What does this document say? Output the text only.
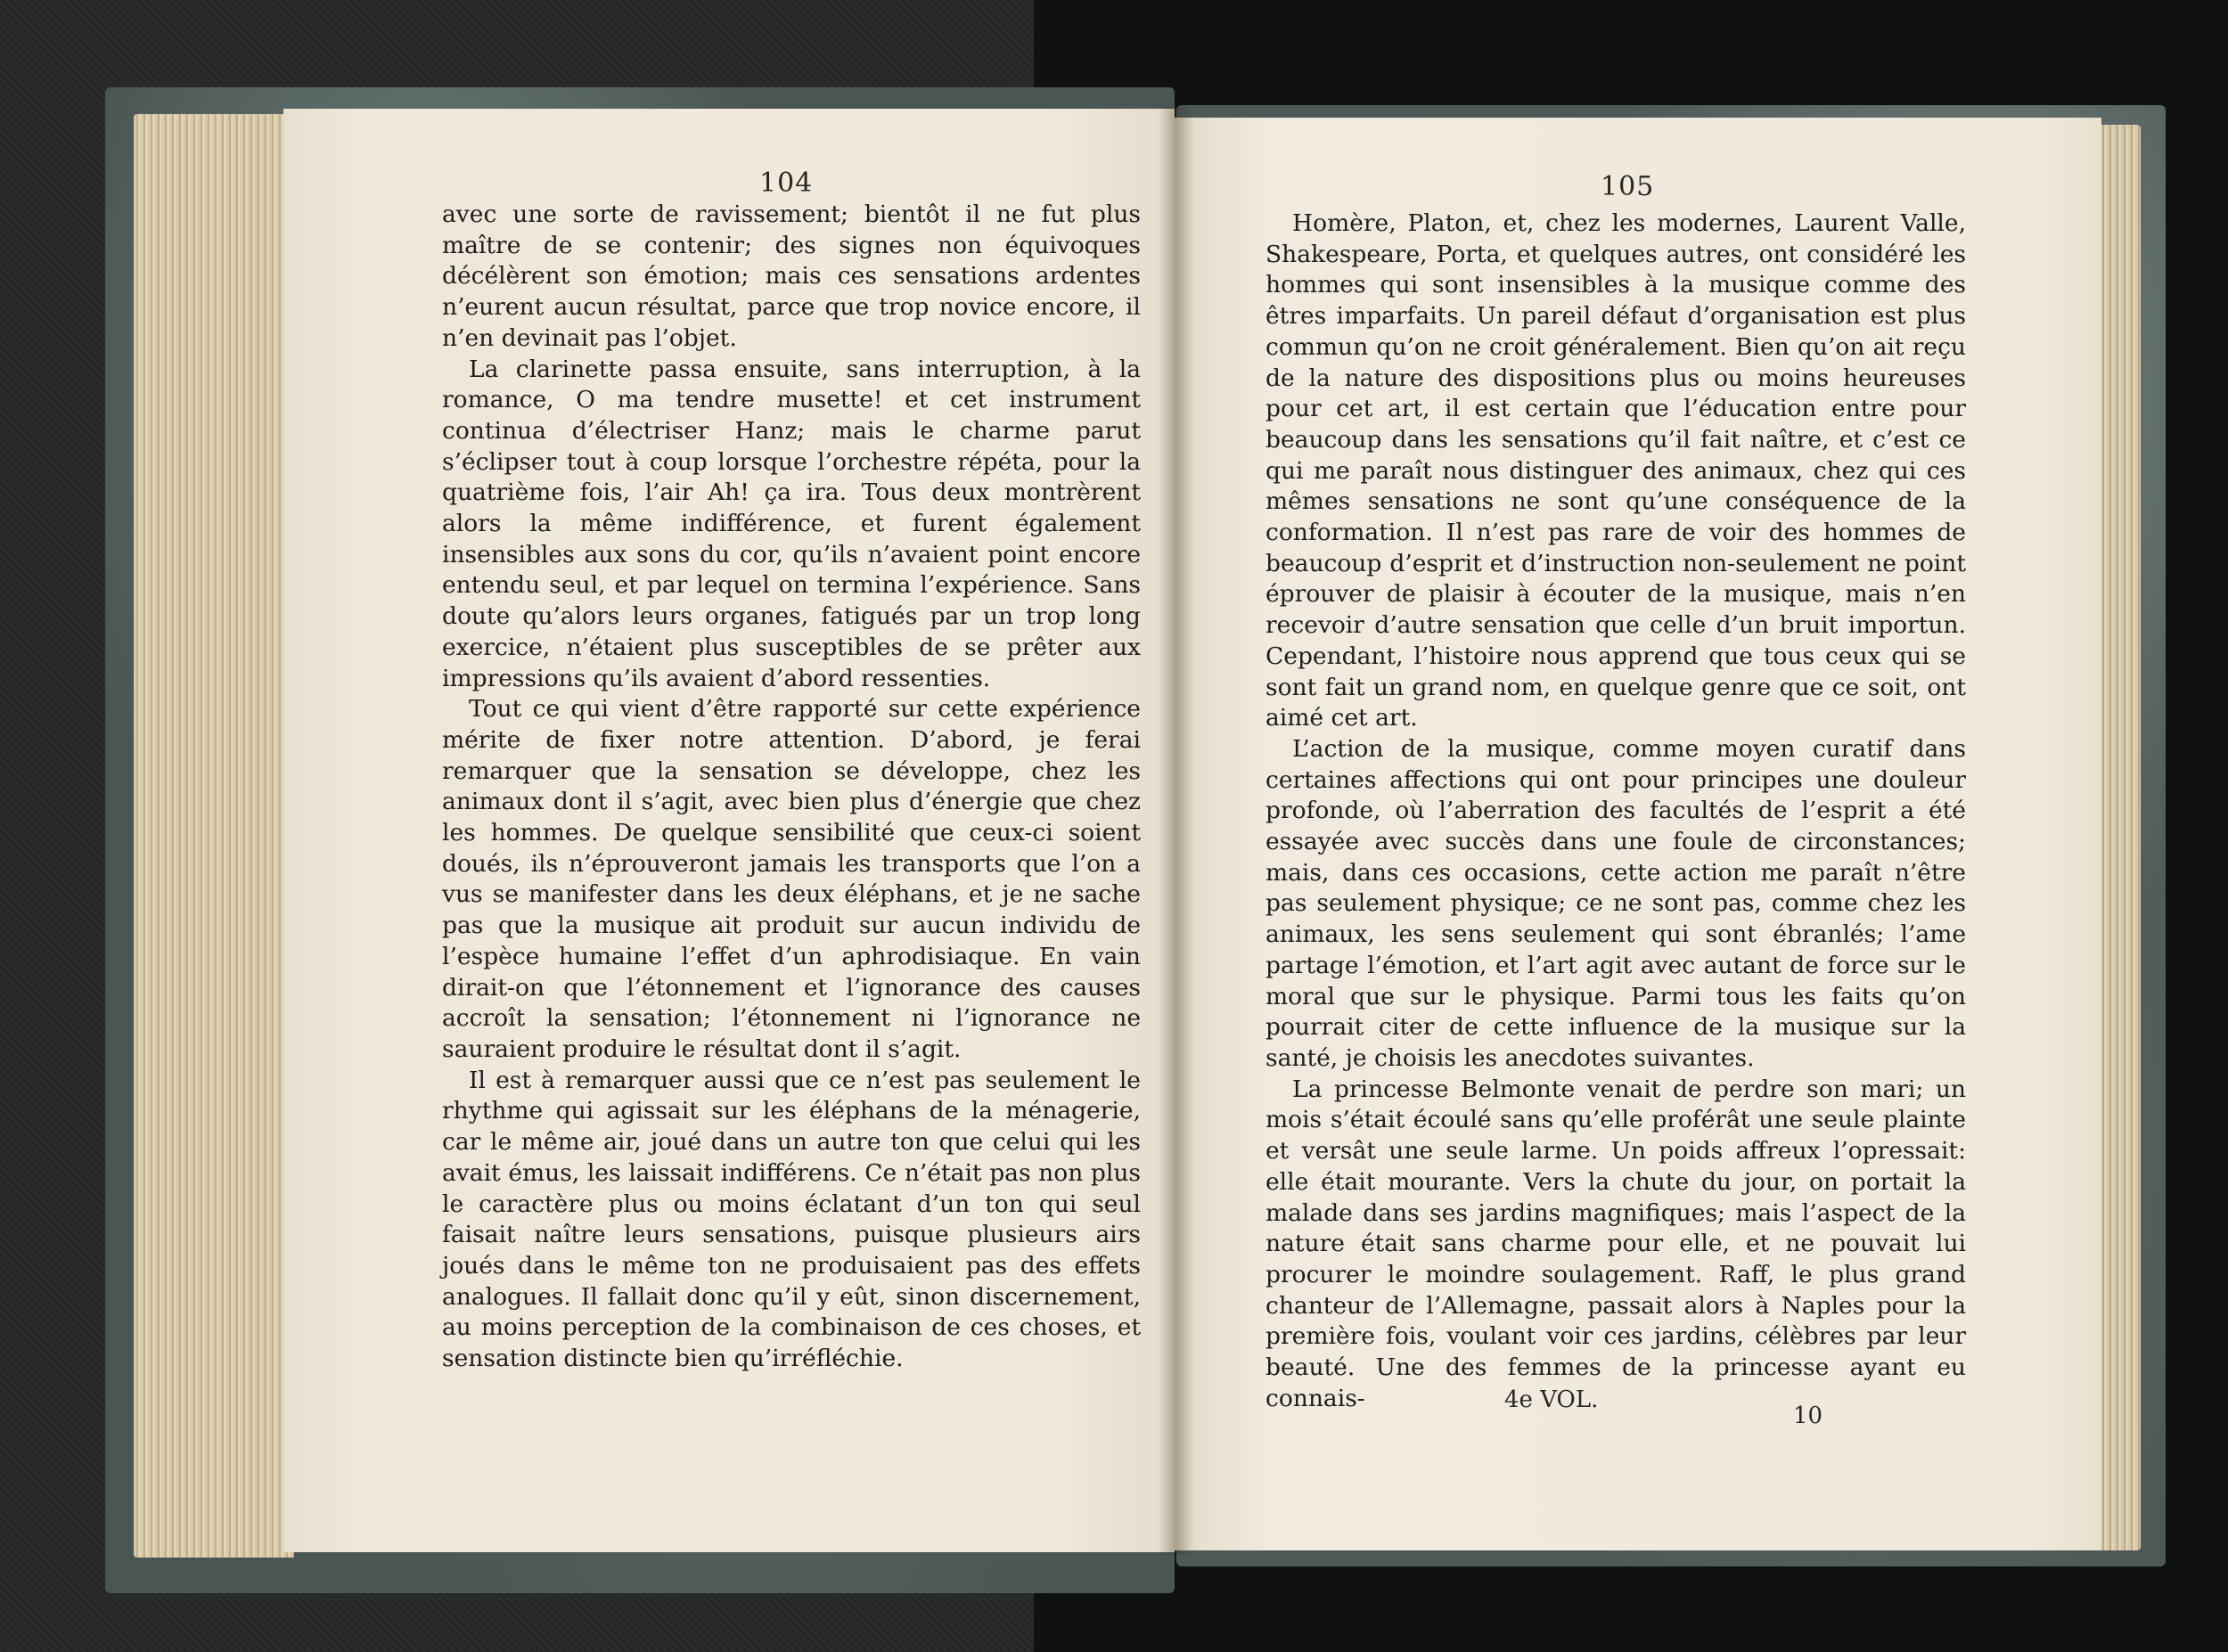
104

avec une sorte de ravissement; bientôt il ne fut plus maître de se contenir; des signes non équivoques décélèrent son émotion; mais ces sensations ardentes n’eurent aucun résultat, parce que trop novice encore, il n’en devinait pas l’objet.

La clarinette passa ensuite, sans interruption, à la romance, O ma tendre musette! et cet instrument continua d’électriser Hanz; mais le charme parut s’éclipser tout à coup lorsque l’orchestre répéta, pour la quatrième fois, l’air Ah! ça ira. Tous deux montrèrent alors la même indifférence, et furent également insensibles aux sons du cor, qu’ils n’avaient point encore entendu seul, et par lequel on termina l’expérience. Sans doute qu’alors leurs organes, fatigués par un trop long exercice, n’étaient plus susceptibles de se prêter aux impressions qu’ils avaient d’abord ressenties.

Tout ce qui vient d’être rapporté sur cette expérience mérite de fixer notre attention. D’abord, je ferai remarquer que la sensation se développe, chez les animaux dont il s’agit, avec bien plus d’énergie que chez les hommes. De quelque sensibilité que ceux-ci soient doués, ils n’éprouveront jamais les transports que l’on a vus se manifester dans les deux éléphans, et je ne sache pas que la musique ait produit sur aucun individu de l’espèce humaine l’effet d’un aphrodisiaque. En vain dirait-on que l’étonnement et l’ignorance des causes accroît la sensation; l’étonnement ni l’ignorance ne sauraient produire le résultat dont il s’agit.

Il est à remarquer aussi que ce n’est pas seulement le rhythme qui agissait sur les éléphans de la ménagerie, car le même air, joué dans un autre ton que celui qui les avait émus, les laissait indifférens. Ce n’était pas non plus le caractère plus ou moins éclatant d’un ton qui seul faisait naître leurs sensations, puisque plusieurs airs joués dans le même ton ne produisaient pas des effets analogues. Il fallait donc qu’il y eût, sinon discernement, au moins perception de la combinaison de ces choses, et sensation distincte bien qu’irréfléchie.

105

Homère, Platon, et, chez les modernes, Laurent Valle, Shakespeare, Porta, et quelques autres, ont considéré les hommes qui sont insensibles à la musique comme des êtres imparfaits. Un pareil défaut d’organisation est plus commun qu’on ne croit généralement. Bien qu’on ait reçu de la nature des dispositions plus ou moins heureuses pour cet art, il est certain que l’éducation entre pour beaucoup dans les sensations qu’il fait naître, et c’est ce qui me paraît nous distinguer des animaux, chez qui ces mêmes sensations ne sont qu’une conséquence de la conformation. Il n’est pas rare de voir des hommes de beaucoup d’esprit et d’instruction non-seulement ne point éprouver de plaisir à écouter de la musique, mais n’en recevoir d’autre sensation que celle d’un bruit importun. Cependant, l’histoire nous apprend que tous ceux qui se sont fait un grand nom, en quelque genre que ce soit, ont aimé cet art.

L’action de la musique, comme moyen curatif dans certaines affections qui ont pour principes une douleur profonde, où l’aberration des facultés de l’esprit a été essayée avec succès dans une foule de circonstances; mais, dans ces occasions, cette action me paraît n’être pas seulement physique; ce ne sont pas, comme chez les animaux, les sens seulement qui sont ébranlés; l’ame partage l’émotion, et l’art agit avec autant de force sur le moral que sur le physique. Parmi tous les faits qu’on pourrait citer de cette influence de la musique sur la santé, je choisis les anecdotes suivantes.

La princesse Belmonte venait de perdre son mari; un mois s’était écoulé sans qu’elle proférât une seule plainte et versât une seule larme. Un poids affreux l’opressait: elle était mourante. Vers la chute du jour, on portait la malade dans ses jardins magnifiques; mais l’aspect de la nature était sans charme pour elle, et ne pouvait lui procurer le moindre soulagement. Raff, le plus grand chanteur de l’Allemagne, passait alors à Naples pour la première fois, voulant voir ces jardins, célèbres par leur beauté. Une des femmes de la princesse ayant eu connais-	4e VOL.
10
